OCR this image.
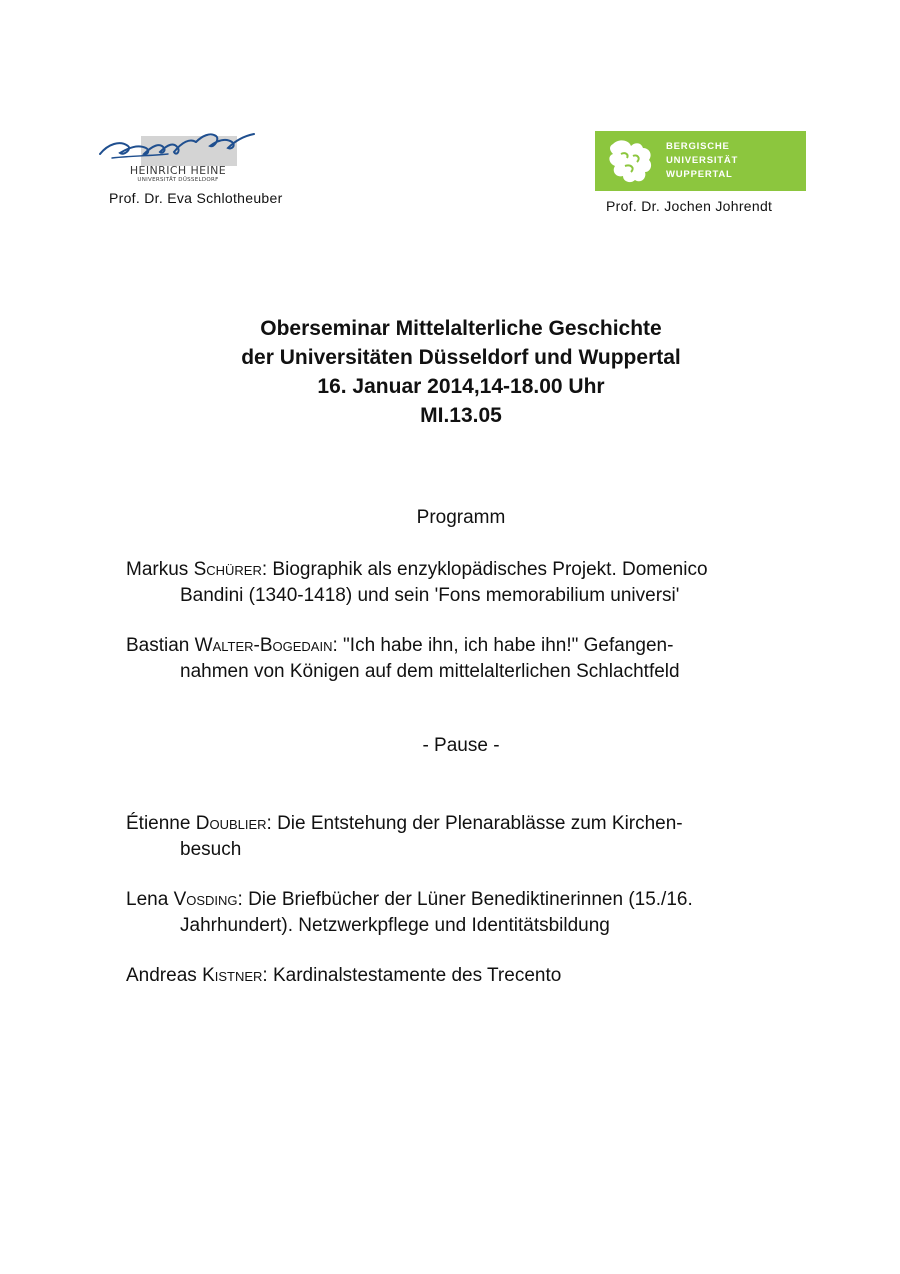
HEINRICH HEINE
UNIVERSITÄT DÜSSELDORF
Prof. Dr. Eva Schlotheuber
BERGISCHE
UNIVERSITÄT
WUPPERTAL
Prof. Dr. Jochen Johrendt
Oberseminar Mittelalterliche Geschichte
der Universitäten Düsseldorf und Wuppertal
16. Januar 2014,14-18.00 Uhr
MI.13.05
Programm
Markus Schürer: Biographik als enzyklopädisches Projekt. Domenico
Bandini (1340-1418) und sein 'Fons memorabilium universi'
Bastian Walter-Bogedain: "Ich habe ihn, ich habe ihn!" Gefangen-
nahmen von Königen auf dem mittelalterlichen Schlachtfeld
- Pause -
Étienne Doublier: Die Entstehung der Plenarablässe zum Kirchen-
besuch
Lena Vosding: Die Briefbücher der Lüner Benediktinerinnen (15./16.
Jahrhundert). Netzwerkpflege und Identitätsbildung
Andreas Kistner: Kardinalstestamente des Trecento
